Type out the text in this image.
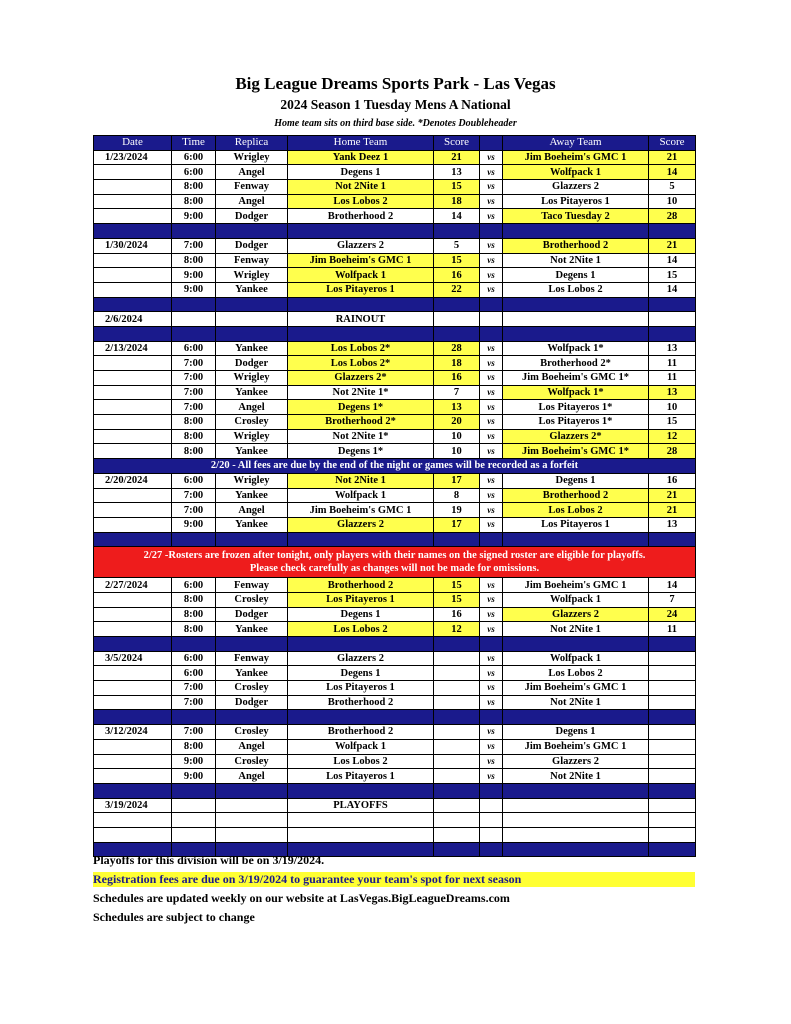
Big League Dreams Sports Park - Las Vegas
2024 Season 1 Tuesday Mens A National
Home team sits on third base side. *Denotes Doubleheader
Date	Time	Replica	Home Team	Score		Away Team	Score
1/23/2024	6:00	Wrigley	Yank Deez 1	21	vs	Jim Boeheim's GMC 1	21
	6:00	Angel	Degens 1	13	vs	Wolfpack 1	14
	8:00	Fenway	Not 2Nite 1	15	vs	Glazzers 2	5
	8:00	Angel	Los Lobos 2	18	vs	Los Pitayeros 1	10
	9:00	Dodger	Brotherhood 2	14	vs	Taco Tuesday 2	28

1/30/2024	7:00	Dodger	Glazzers 2	5	vs	Brotherhood 2	21
	8:00	Fenway	Jim Boeheim's GMC 1	15	vs	Not 2Nite 1	14
	9:00	Wrigley	Wolfpack 1	16	vs	Degens 1	15
	9:00	Yankee	Los Pitayeros 1	22	vs	Los Lobos 2	14

2/6/2024			RAINOUT				

2/13/2024	6:00	Yankee	Los Lobos 2*	28	vs	Wolfpack 1*	13
	7:00	Dodger	Los Lobos 2*	18	vs	Brotherhood 2*	11
	7:00	Wrigley	Glazzers 2*	16	vs	Jim Boeheim's GMC 1*	11
	7:00	Yankee	Not 2Nite 1*	7	vs	Wolfpack 1*	13
	7:00	Angel	Degens 1*	13	vs	Los Pitayeros 1*	10
	8:00	Crosley	Brotherhood 2*	20	vs	Los Pitayeros 1*	15
	8:00	Wrigley	Not 2Nite 1*	10	vs	Glazzers 2*	12
	8:00	Yankee	Degens 1*	10	vs	Jim Boeheim's GMC 1*	28
2/20 - All fees are due by the end of the night or games will be recorded as a forfeit							
2/20/2024	6:00	Wrigley	Not 2Nite 1	17	vs	Degens 1	16
	7:00	Yankee	Wolfpack 1	8	vs	Brotherhood 2	21
	7:00	Angel	Jim Boeheim's GMC 1	19	vs	Los Lobos 2	21
	9:00	Yankee	Glazzers 2	17	vs	Los Pitayeros 1	13

2/27 -Rosters are frozen after tonight, only players with their names on the signed roster are eligible for playoffs.
Please check carefully as changes will not be made for omissions.							

2/27/2024	6:00	Fenway	Brotherhood 2	15	vs	Jim Boeheim's GMC 1	14
	8:00	Crosley	Los Pitayeros 1	15	vs	Wolfpack 1	7
	8:00	Dodger	Degens 1	16	vs	Glazzers 2	24
	8:00	Yankee	Los Lobos 2	12	vs	Not 2Nite 1	11

3/5/2024	6:00	Fenway	Glazzers 2		vs	Wolfpack 1	
	6:00	Yankee	Degens 1		vs	Los Lobos 2	
	7:00	Crosley	Los Pitayeros 1		vs	Jim Boeheim's GMC 1	
	7:00	Dodger	Brotherhood 2		vs	Not 2Nite 1	

3/12/2024	7:00	Crosley	Brotherhood 2		vs	Degens 1	
	8:00	Angel	Wolfpack 1		vs	Jim Boeheim's GMC 1	
	9:00	Crosley	Los Lobos 2		vs	Glazzers 2	
	9:00	Angel	Los Pitayeros 1		vs	Not 2Nite 1	

3/19/2024			PLAYOFFS				

Playoffs for this division will be on 3/19/2024.
Registration fees are due on 3/19/2024 to guarantee your team's spot for next season
Schedules are updated weekly on our website at LasVegas.BigLeagueDreams.com
Schedules are subject to change
